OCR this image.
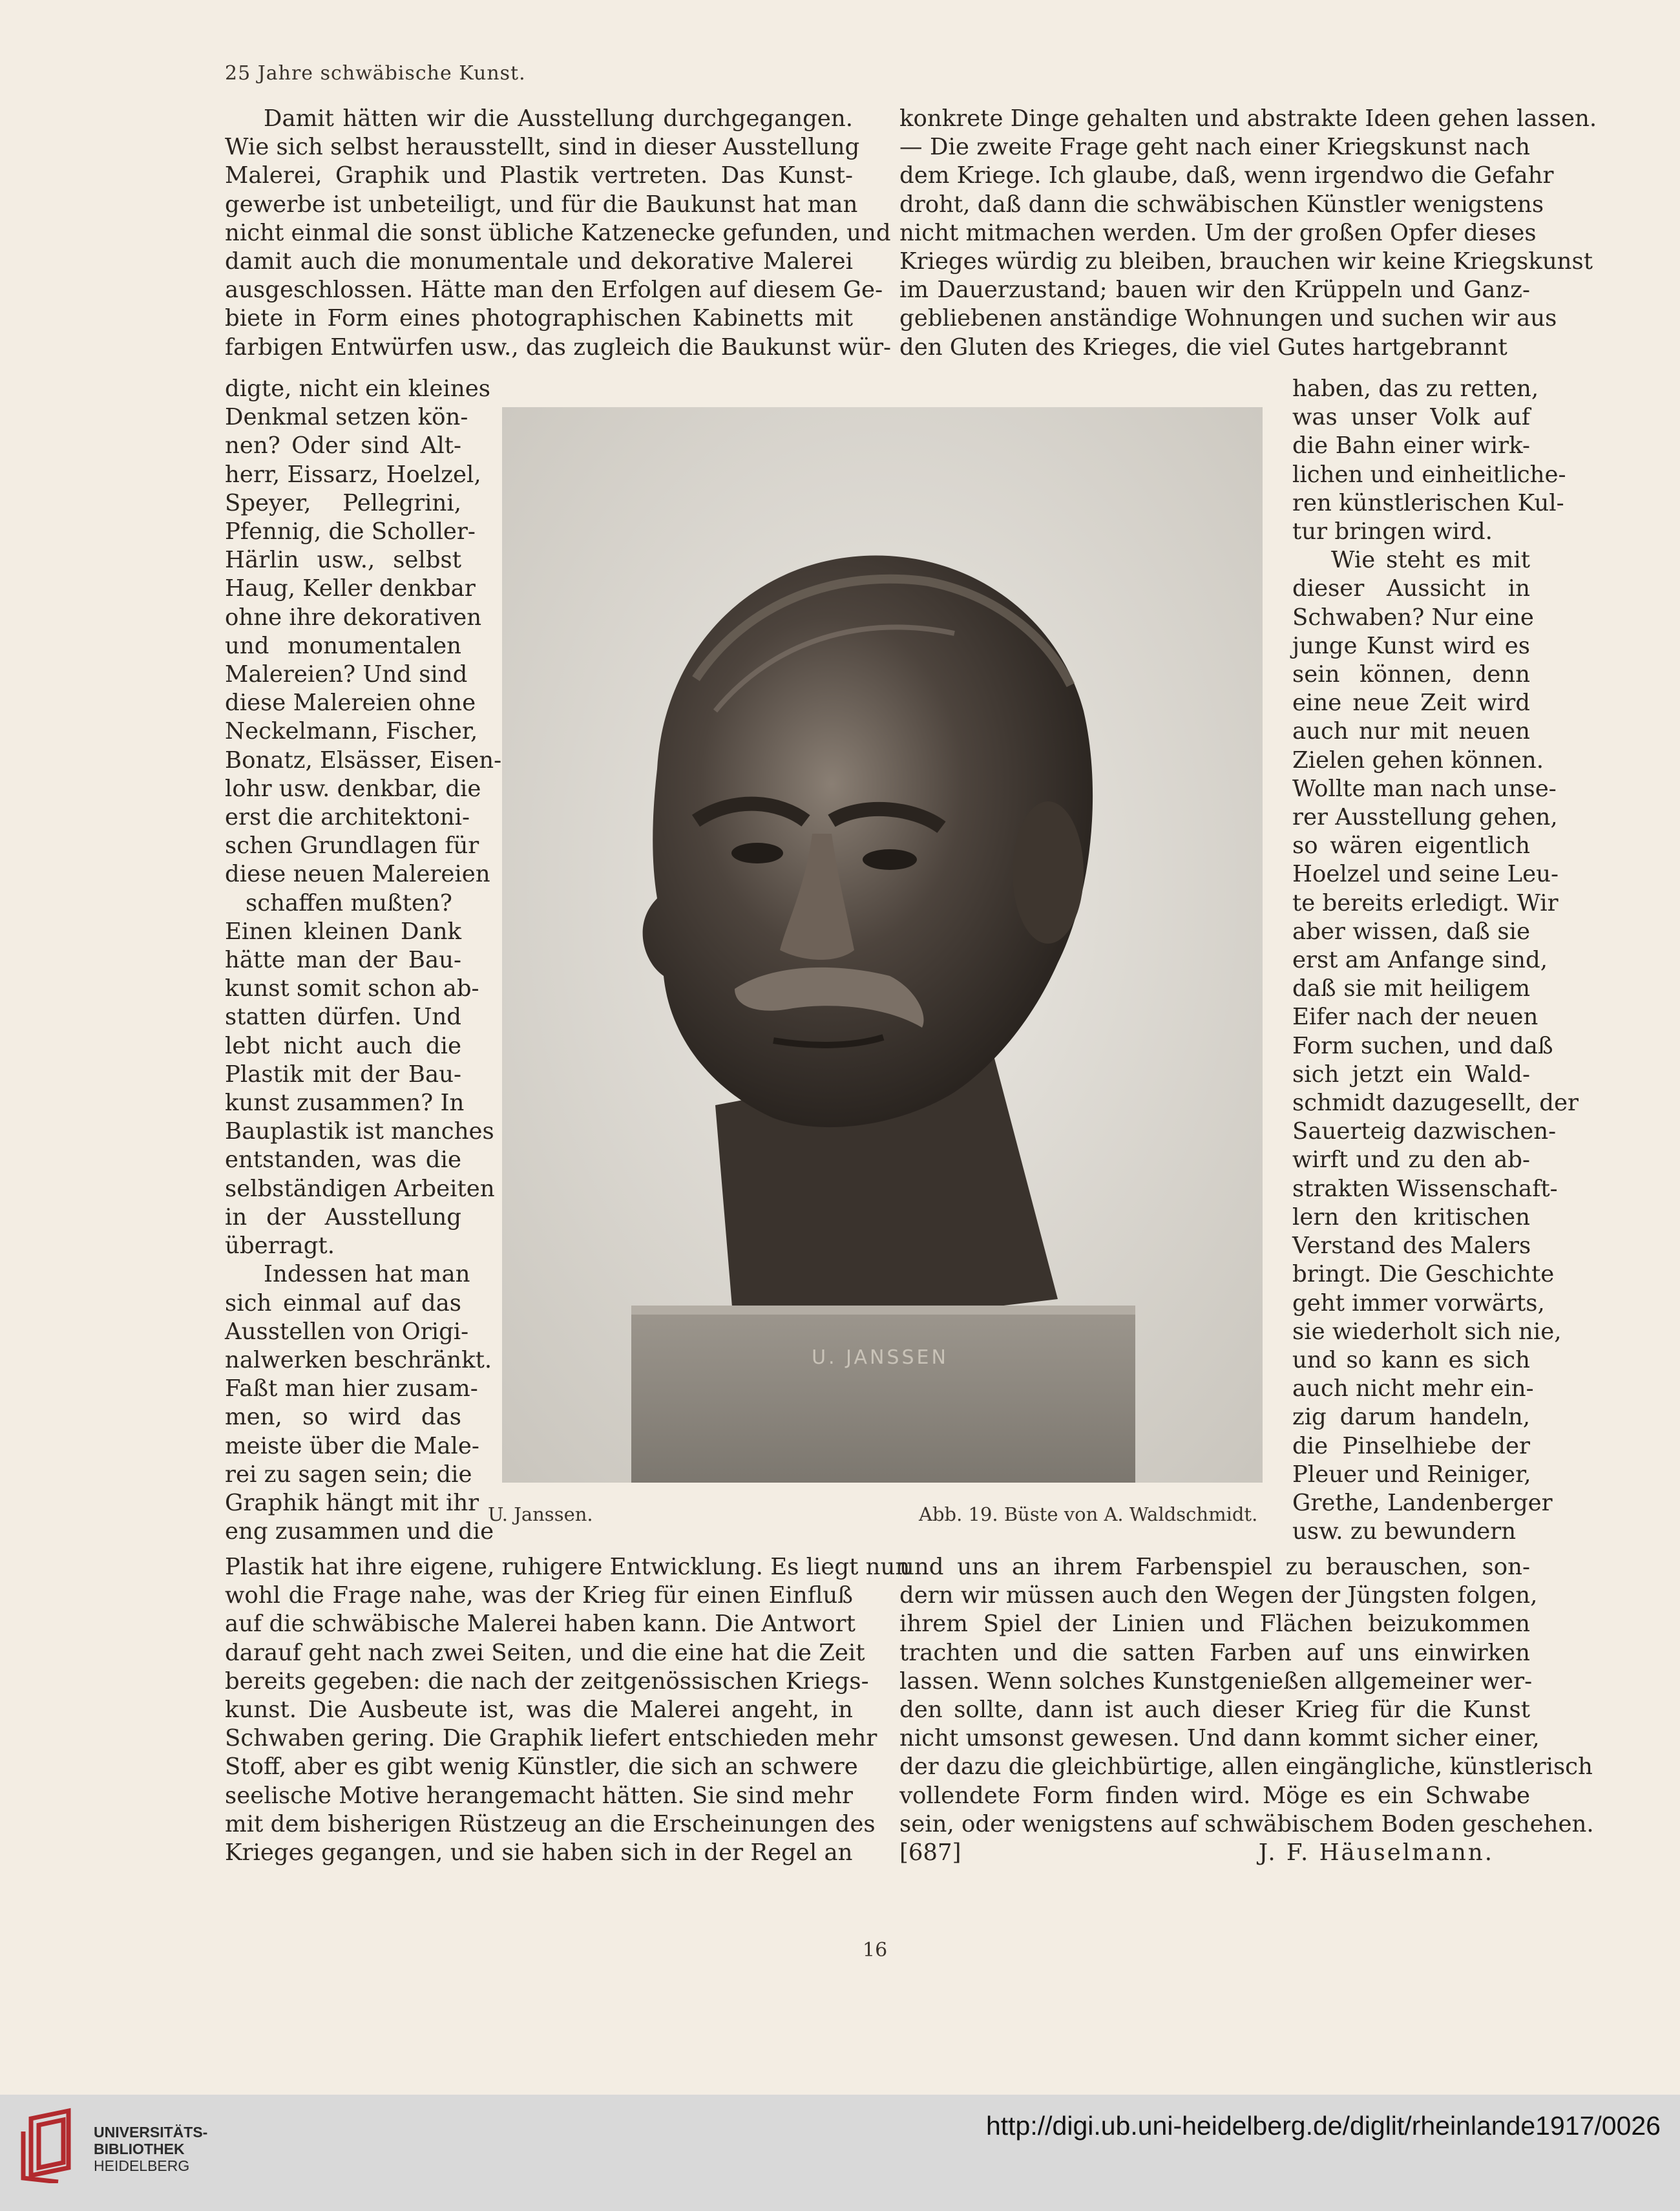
25 Jahre schwäbische Kunst.
Damit hätten wir die Ausstellung durchgegangen.
Wie sich selbst herausstellt, sind in dieser Ausstellung
Malerei, Graphik und Plastik vertreten. Das Kunst-
gewerbe ist unbeteiligt, und für die Baukunst hat man
nicht einmal die sonst übliche Katzenecke gefunden, und
damit auch die monumentale und dekorative Malerei
ausgeschlossen. Hätte man den Erfolgen auf diesem Ge-
biete in Form eines photographischen Kabinetts mit
farbigen Entwürfen usw., das zugleich die Baukunst wür-
digte, nicht ein kleines
Denkmal setzen kön-
nen? Oder sind Alt-
herr, Eissarz, Hoelzel,
Speyer, Pellegrini,
Pfennig, die Scholler-
Härlin usw., selbst
Haug, Keller denkbar
ohne ihre dekorativen
und monumentalen
Malereien? Und sind
diese Malereien ohne
Neckelmann, Fischer,
Bonatz, Elsässer, Eisen-
lohr usw. denkbar, die
erst die architektoni-
schen Grundlagen für
diese neuen Malereien
schaffen mußten?
Einen kleinen Dank
hätte man der Bau-
kunst somit schon ab-
statten dürfen. Und
lebt nicht auch die
Plastik mit der Bau-
kunst zusammen? In
Bauplastik ist manches
entstanden, was die
selbständigen Arbeiten
in der Ausstellung
überragt.
Indessen hat man
sich einmal auf das
Ausstellen von Origi-
nalwerken beschränkt.
Faßt man hier zusam-
men, so wird das
meiste über die Male-
rei zu sagen sein; die
Graphik hängt mit ihr
eng zusammen und die
Plastik hat ihre eigene, ruhigere Entwicklung. Es liegt nun
wohl die Frage nahe, was der Krieg für einen Einfluß
auf die schwäbische Malerei haben kann. Die Antwort
darauf geht nach zwei Seiten, und die eine hat die Zeit
bereits gegeben: die nach der zeitgenössischen Kriegs-
kunst. Die Ausbeute ist, was die Malerei angeht, in
Schwaben gering. Die Graphik liefert entschieden mehr
Stoff, aber es gibt wenig Künstler, die sich an schwere
seelische Motive herangemacht hätten. Sie sind mehr
mit dem bisherigen Rüstzeug an die Erscheinungen des
Krieges gegangen, und sie haben sich in der Regel an
konkrete Dinge gehalten und abstrakte Ideen gehen lassen.
— Die zweite Frage geht nach einer Kriegskunst nach
dem Kriege. Ich glaube, daß, wenn irgendwo die Gefahr
droht, daß dann die schwäbischen Künstler wenigstens
nicht mitmachen werden. Um der großen Opfer dieses
Krieges würdig zu bleiben, brauchen wir keine Kriegskunst
im Dauerzustand; bauen wir den Krüppeln und Ganz-
gebliebenen anständige Wohnungen und suchen wir aus
den Gluten des Krieges, die viel Gutes hartgebrannt
haben, das zu retten,
was unser Volk auf
die Bahn einer wirk-
lichen und einheitliche-
ren künstlerischen Kul-
tur bringen wird.
Wie steht es mit
dieser Aussicht in
Schwaben? Nur eine
junge Kunst wird es
sein können, denn
eine neue Zeit wird
auch nur mit neuen
Zielen gehen können.
Wollte man nach unse-
rer Ausstellung gehen,
so wären eigentlich
Hoelzel und seine Leu-
te bereits erledigt. Wir
aber wissen, daß sie
erst am Anfange sind,
daß sie mit heiligem
Eifer nach der neuen
Form suchen, und daß
sich jetzt ein Wald-
schmidt dazugesellt, der
Sauerteig dazwischen-
wirft und zu den ab-
strakten Wissenschaft-
lern den kritischen
Verstand des Malers
bringt. Die Geschichte
geht immer vorwärts,
sie wiederholt sich nie,
und so kann es sich
auch nicht mehr ein-
zig darum handeln,
die Pinselhiebe der
Pleuer und Reiniger,
Grethe, Landenberger
usw. zu bewundern
und uns an ihrem Farbenspiel zu berauschen, son-
dern wir müssen auch den Wegen der Jüngsten folgen,
ihrem Spiel der Linien und Flächen beizukommen
trachten und die satten Farben auf uns einwirken
lassen. Wenn solches Kunstgenießen allgemeiner wer-
den sollte, dann ist auch dieser Krieg für die Kunst
nicht umsonst gewesen. Und dann kommt sicher einer,
der dazu die gleichbürtige, allen eingängliche, künstlerisch
vollendete Form finden wird. Möge es ein Schwabe
sein, oder wenigstens auf schwäbischem Boden geschehen.
[687]	J. F. Häuselmann.
U. JANSSEN
U. Janssen.	Abb. 19. Büste von A. Waldschmidt.
16
UNIVERSITÄTS-
BIBLIOTHEK
HEIDELBERG
http://digi.ub.uni-heidelberg.de/diglit/rheinlande1917/0026
